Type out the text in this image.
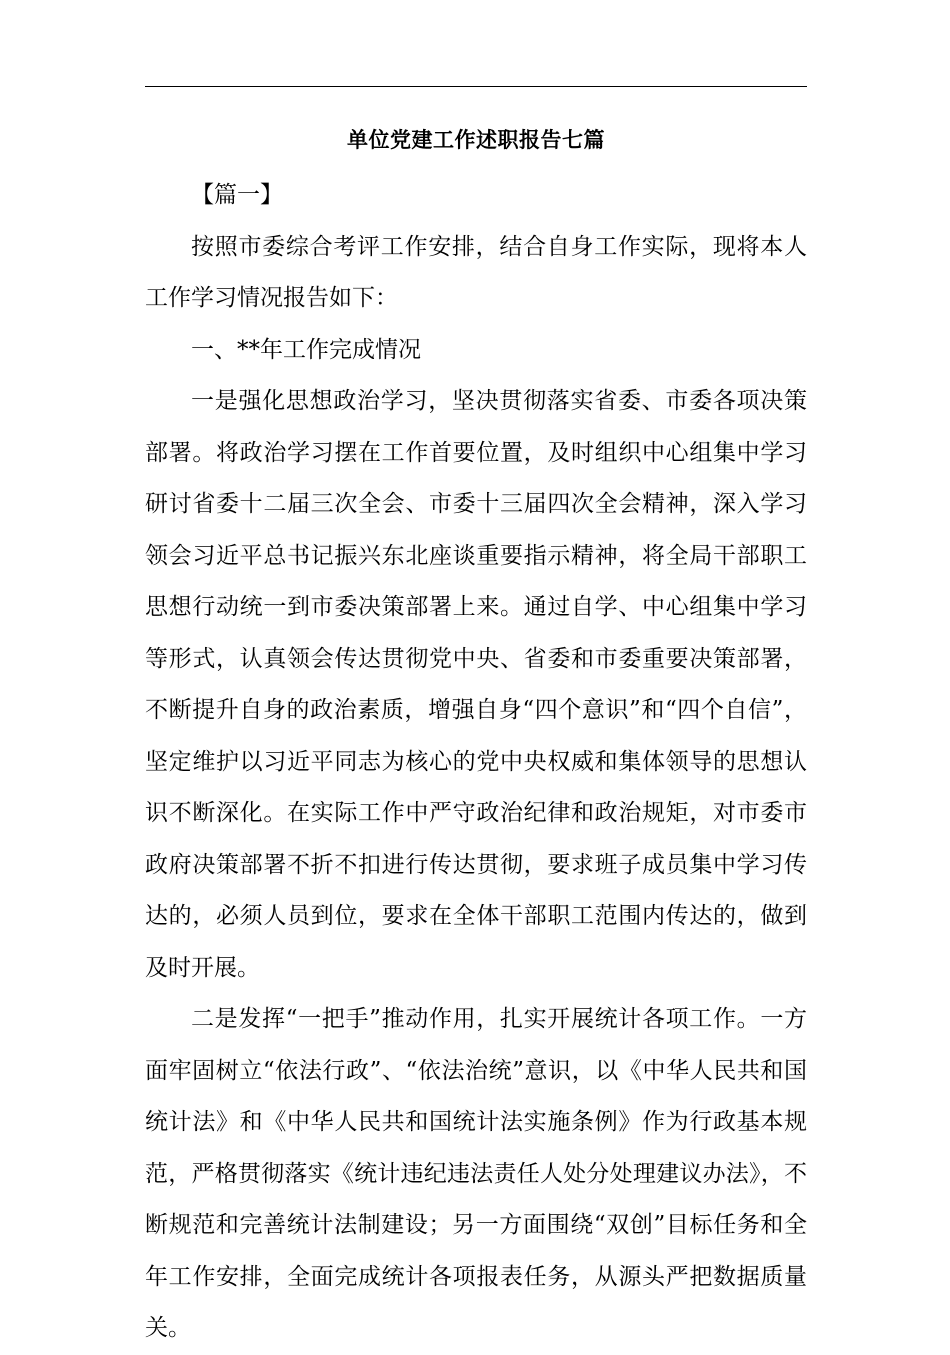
单位党建工作述职报告七篇

【篇一】

按照市委综合考评工作安排，结合自身工作实际，现将本人工作学习情况报告如下：

一、**年工作完成情况

一是强化思想政治学习，坚决贯彻落实省委、市委各项决策部署。将政治学习摆在工作首要位置，及时组织中心组集中学习研讨省委十二届三次全会、市委十三届四次全会精神，深入学习领会习近平总书记振兴东北座谈重要指示精神，将全局干部职工思想行动统一到市委决策部署上来。通过自学、中心组集中学习等形式，认真领会传达贯彻党中央、省委和市委重要决策部署，不断提升自身的政治素质，增强自身“四个意识”和“四个自信”，坚定维护以习近平同志为核心的党中央权威和集体领导的思想认识不断深化。在实际工作中严守政治纪律和政治规矩，对市委市政府决策部署不折不扣进行传达贯彻，要求班子成员集中学习传达的，必须人员到位，要求在全体干部职工范围内传达的，做到及时开展。

二是发挥“一把手”推动作用，扎实开展统计各项工作。一方面牢固树立“依法行政”、“依法治统”意识，以《中华人民共和国统计法》和《中华人民共和国统计法实施条例》作为行政基本规范，严格贯彻落实《统计违纪违法责任人处分处理建议办法》，不断规范和完善统计法制建设；另一方面围绕“双创”目标任务和全年工作安排，全面完成统计各项报表任务，从源头严把数据质量关。
